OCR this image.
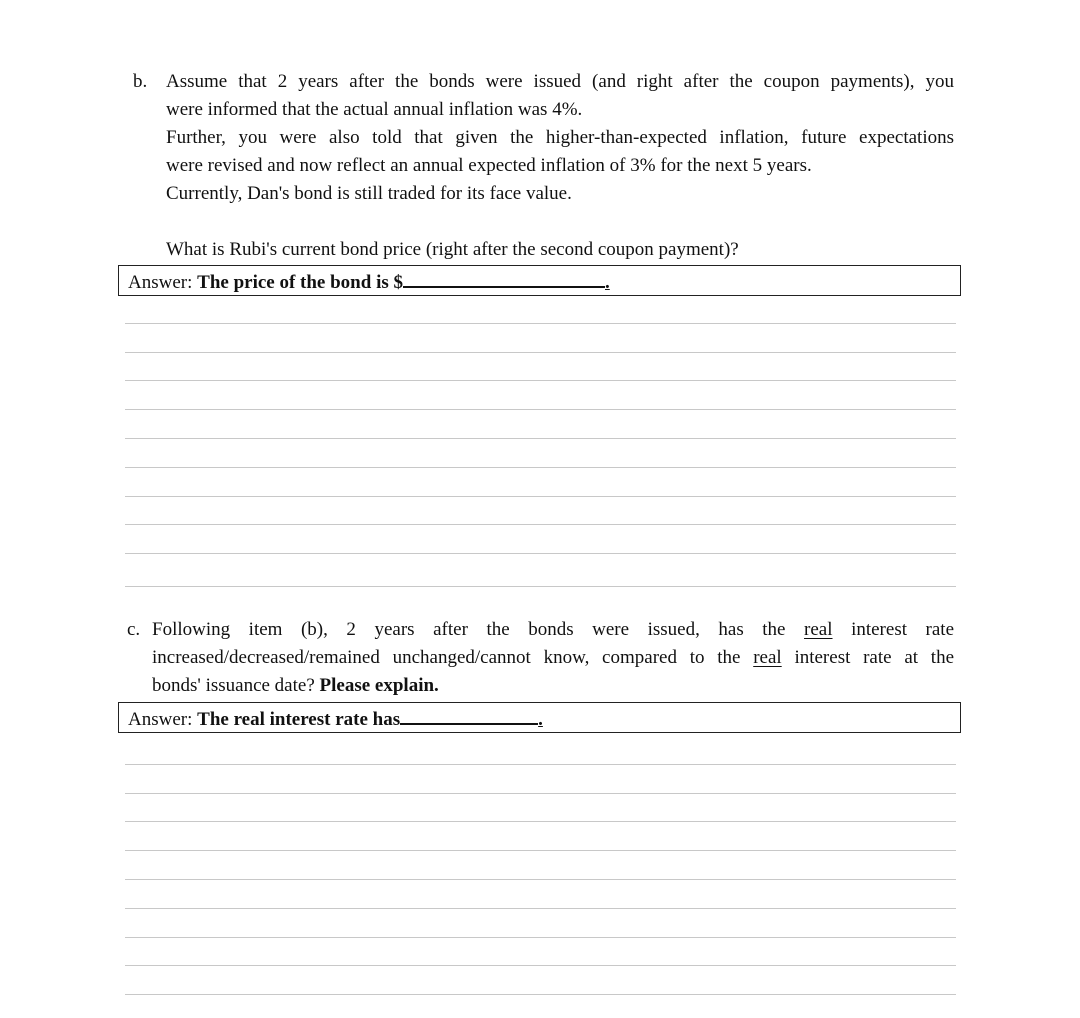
b. Assume that 2 years after the bonds were issued (and right after the coupon payments), you
were informed that the actual annual inflation was 4%.
Further, you were also told that given the higher-than-expected inflation, future expectations
were revised and now reflect an annual expected inflation of 3% for the next 5 years.
Currently, Dan's bond is still traded for its face value.
What is Rubi's current bond price (right after the second coupon payment)?
Answer: The price of the bond is $	.
c. Following item (b), 2 years after the bonds were issued, has the real interest rate
increased/decreased/remained unchanged/cannot know, compared to the real interest rate at the
bonds' issuance date? Please explain.
Answer: The real interest rate has	.
